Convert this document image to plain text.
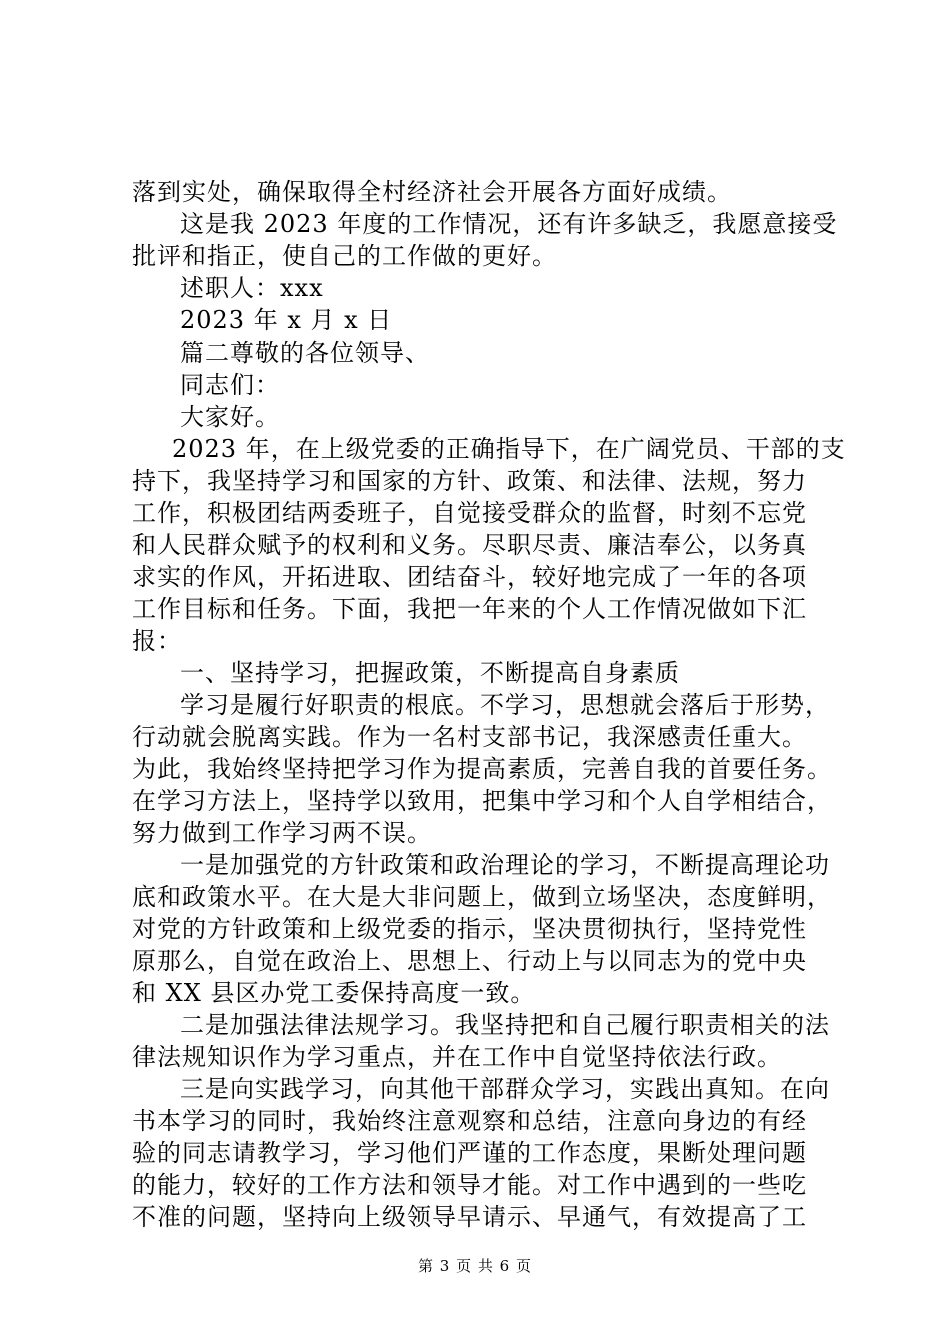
落到实处，确保取得全村经济社会开展各方面好成绩。
这是我 2023 年度的工作情况，还有许多缺乏，我愿意接受
批评和指正，使自己的工作做的更好。
述职人：xxx
2023 年 x 月 x 日
篇二尊敬的各位领导、
同志们：
大家好。
2023 年，在上级党委的正确指导下，在广阔党员、干部的支
持下，我坚持学习和国家的方针、政策、和法律、法规，努力
工作，积极团结两委班子，自觉接受群众的监督，时刻不忘党
和人民群众赋予的权利和义务。尽职尽责、廉洁奉公，以务真
求实的作风，开拓进取、团结奋斗，较好地完成了一年的各项
工作目标和任务。下面，我把一年来的个人工作情况做如下汇
报：
一、坚持学习，把握政策，不断提高自身素质
学习是履行好职责的根底。不学习，思想就会落后于形势，
行动就会脱离实践。作为一名村支部书记，我深感责任重大。
为此，我始终坚持把学习作为提高素质，完善自我的首要任务。
在学习方法上，坚持学以致用，把集中学习和个人自学相结合，
努力做到工作学习两不误。
一是加强党的方针政策和政治理论的学习，不断提高理论功
底和政策水平。在大是大非问题上，做到立场坚决，态度鲜明，
对党的方针政策和上级党委的指示，坚决贯彻执行，坚持党性
原那么，自觉在政治上、思想上、行动上与以同志为的党中央
和 XX 县区办党工委保持高度一致。
二是加强法律法规学习。我坚持把和自己履行职责相关的法
律法规知识作为学习重点，并在工作中自觉坚持依法行政。
三是向实践学习，向其他干部群众学习，实践出真知。在向
书本学习的同时，我始终注意观察和总结，注意向身边的有经
验的同志请教学习，学习他们严谨的工作态度，果断处理问题
的能力，较好的工作方法和领导才能。对工作中遇到的一些吃
不准的问题，坚持向上级领导早请示、早通气，有效提高了工
第 3 页 共 6 页
